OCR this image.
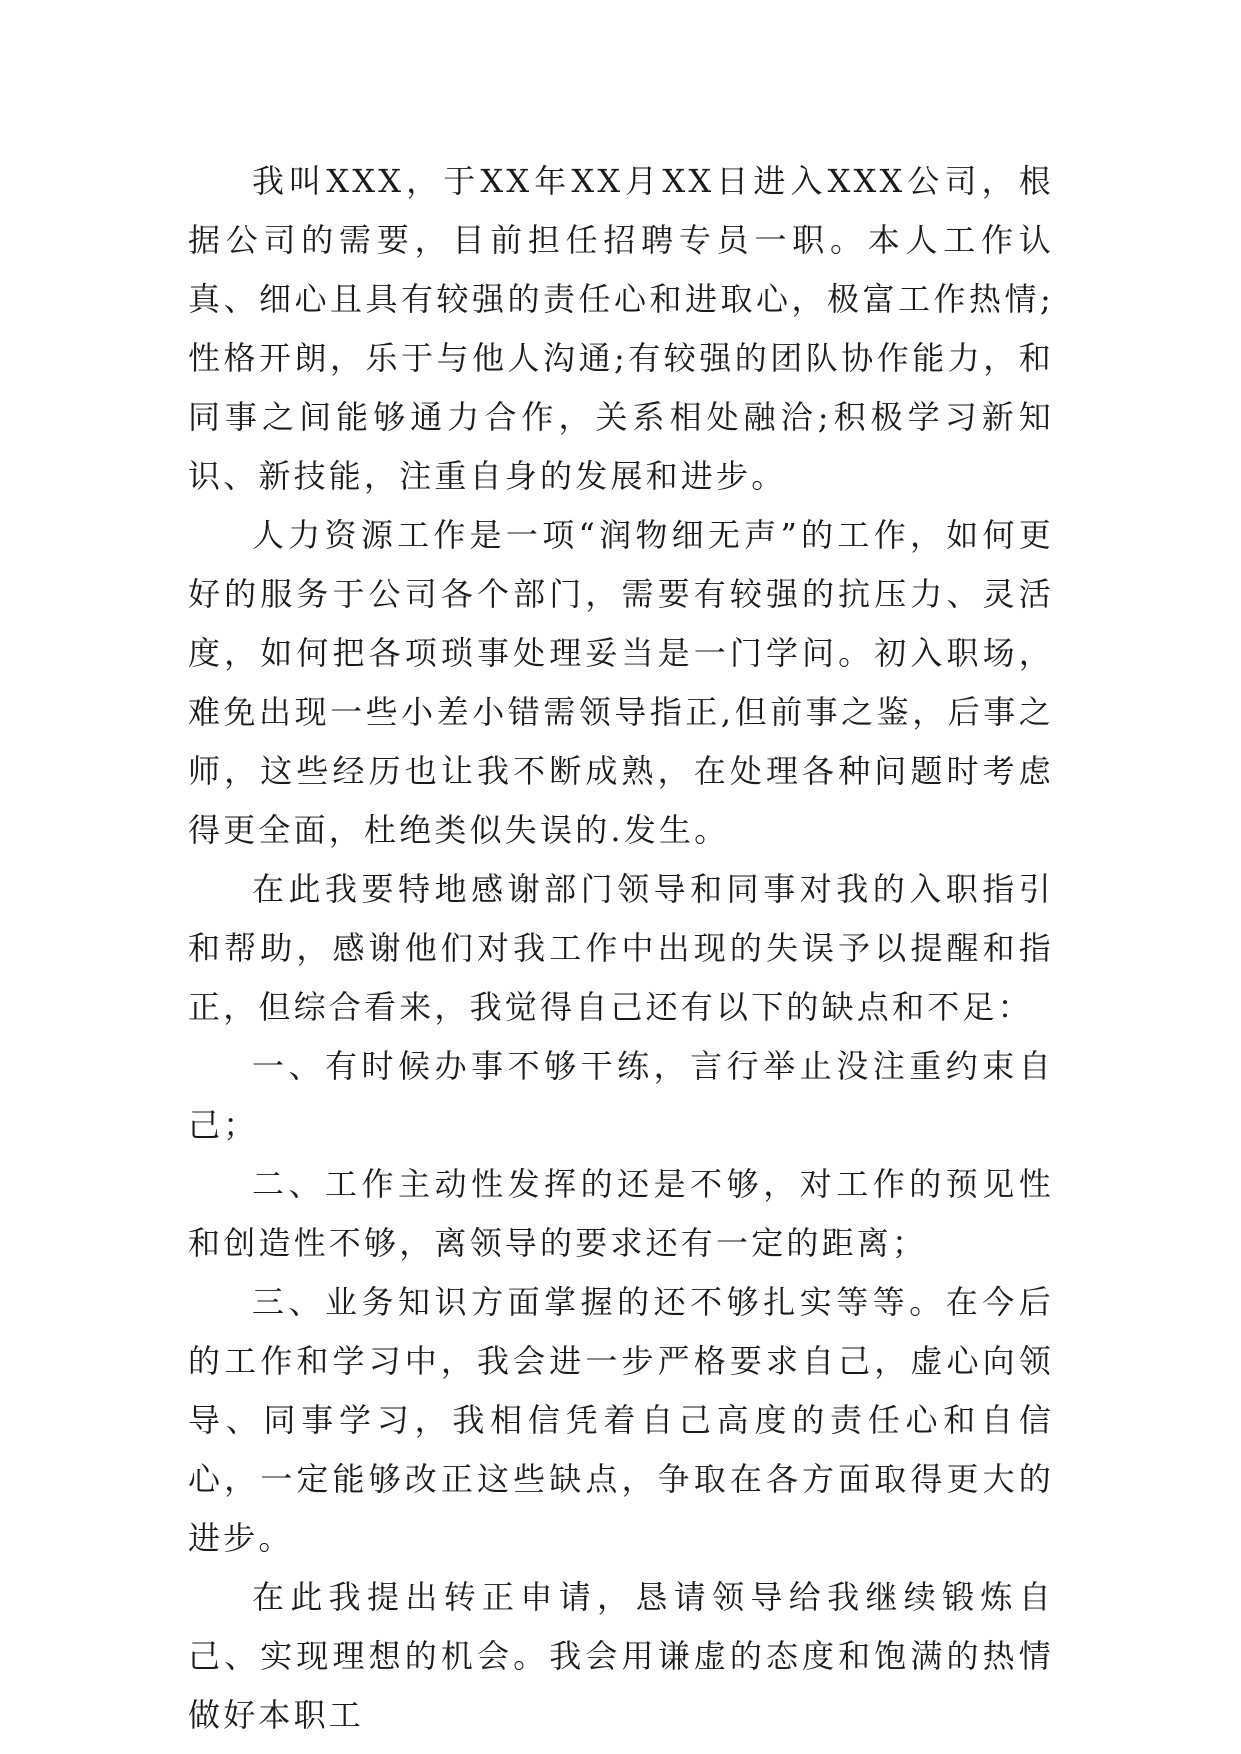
我叫XXX，于XX年XX月XX日进入XXX公司，根据公司的需要，目前担任招聘专员一职。本人工作认真、细心且具有较强的责任心和进取心，极富工作热情;性格开朗，乐于与他人沟通;有较强的团队协作能力，和同事之间能够通力合作，关系相处融洽;积极学习新知识、新技能，注重自身的发展和进步。

人力资源工作是一项“润物细无声”的工作，如何更好的服务于公司各个部门，需要有较强的抗压力、灵活度，如何把各项琐事处理妥当是一门学问。初入职场，难免出现一些小差小错需领导指正,但前事之鉴，后事之师，这些经历也让我不断成熟，在处理各种问题时考虑得更全面，杜绝类似失误的.发生。

在此我要特地感谢部门领导和同事对我的入职指引和帮助，感谢他们对我工作中出现的失误予以提醒和指正，但综合看来，我觉得自己还有以下的缺点和不足：

一、有时候办事不够干练，言行举止没注重约束自己；

二、工作主动性发挥的还是不够，对工作的预见性和创造性不够，离领导的要求还有一定的距离；

三、业务知识方面掌握的还不够扎实等等。在今后的工作和学习中，我会进一步严格要求自己，虚心向领导、同事学习，我相信凭着自己高度的责任心和自信心，一定能够改正这些缺点，争取在各方面取得更大的进步。

在此我提出转正申请，恳请领导给我继续锻炼自己、实现理想的机会。我会用谦虚的态度和饱满的热情做好本职工
